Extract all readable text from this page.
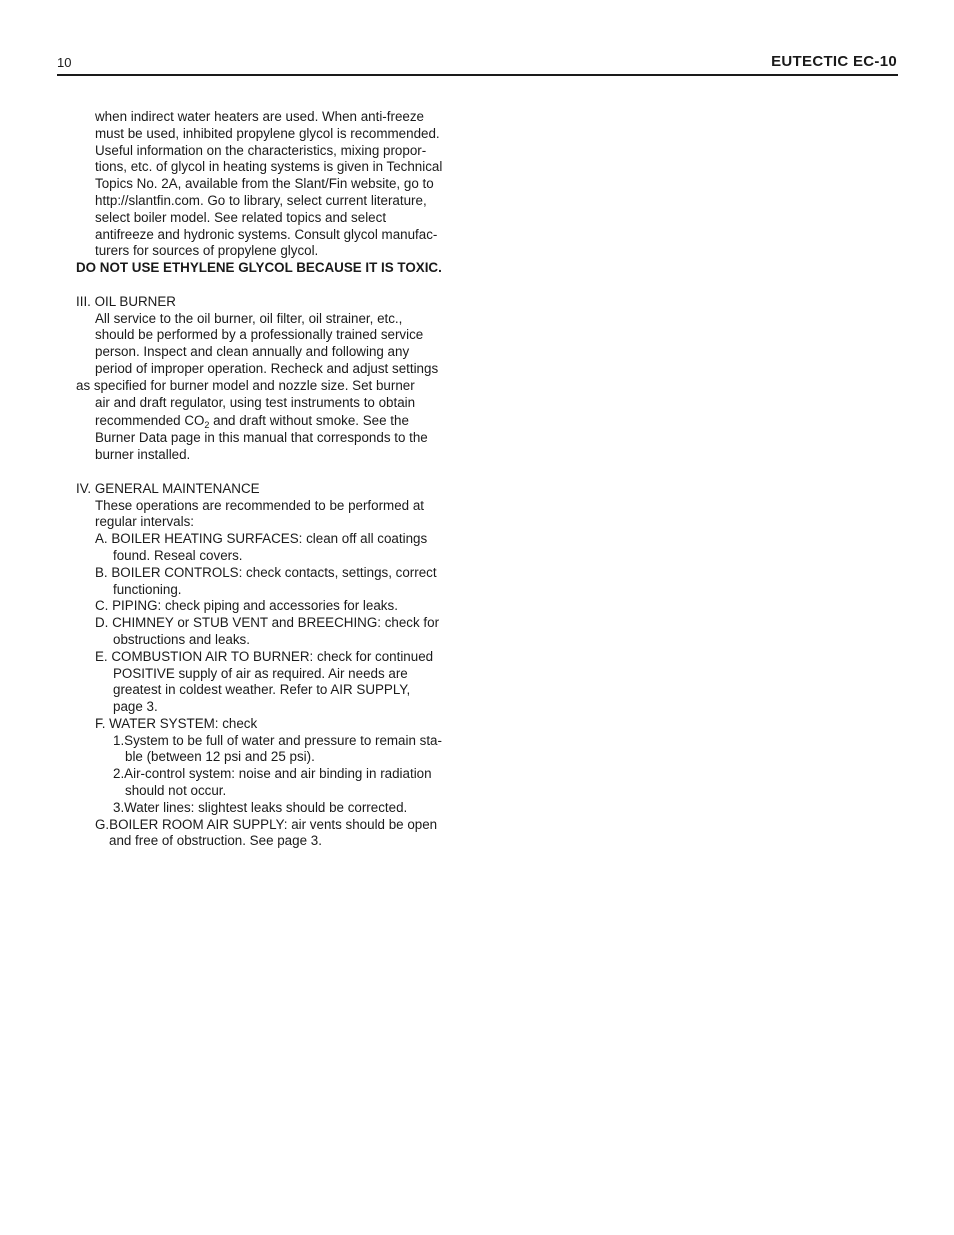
10	EUTECTIC EC-10
when indirect water heaters are used. When anti-freeze
must be used, inhibited propylene glycol is recommended.
Useful information on the characteristics, mixing propor-
tions, etc. of glycol in heating systems is given in Technical
Topics No. 2A, available from the Slant/Fin website, go to
http://slantfin.com. Go to library, select current literature,
select boiler model. See related topics and select
antifreeze and hydronic systems. Consult glycol manufac-
turers for sources of propylene glycol.
DO NOT USE ETHYLENE GLYCOL BECAUSE IT IS TOXIC.
III. OIL BURNER
All service to the oil burner, oil filter, oil strainer, etc.,
should be performed by a professionally trained service
person. Inspect and clean annually and following any
period of improper operation. Recheck and adjust settings
as specified for burner model and nozzle size. Set burner
air and draft regulator, using test instruments to obtain
recommended $CO_2$ and draft without smoke. See the
Burner Data page in this manual that corresponds to the
burner installed.
IV. GENERAL MAINTENANCE
These operations are recommended to be performed at
regular intervals:
A. BOILER HEATING SURFACES: clean off all coatings
found. Reseal covers.
B. BOILER CONTROLS: check contacts, settings, correct
functioning.
C. PIPING: check piping and accessories for leaks.
D. CHIMNEY or STUB VENT and BREECHING: check for
obstructions and leaks.
E. COMBUSTION AIR TO BURNER: check for continued
POSITIVE supply of air as required. Air needs are
greatest in coldest weather. Refer to AIR SUPPLY,
page 3.
F. WATER SYSTEM: check
1.System to be full of water and pressure to remain sta-
ble (between 12 psi and 25 psi).
2.Air-control system: noise and air binding in radiation
should not occur.
3.Water lines: slightest leaks should be corrected.
G.BOILER ROOM AIR SUPPLY: air vents should be open
and free of obstruction. See page 3.
